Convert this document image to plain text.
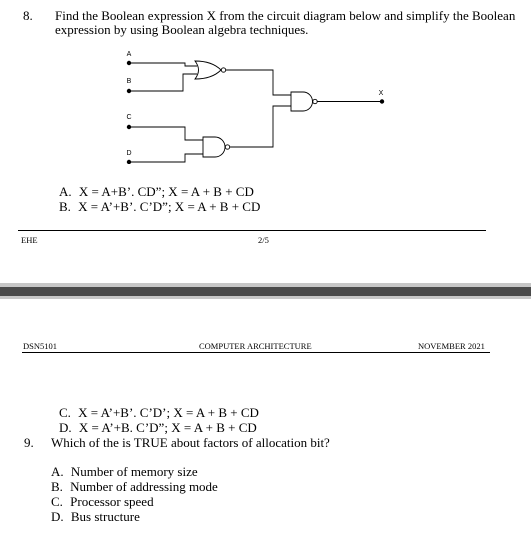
8. Find the Boolean expression X from the circuit diagram below and simplify the Boolean
expression by using Boolean algebra techniques.
A
B
C
D
X
A. X = A+B’. CD”; X = A + B + CD
B. X = A’+B’. C’D”; X = A + B + CD
EHE	2/5
DSN5101	COMPUTER ARCHITECTURE	NOVEMBER 2021
C. X = A’+B’. C’D’; X = A + B + CD
D. X = A’+B. C’D”; X = A + B + CD
9. Which of the is TRUE about factors of allocation bit?
A. Number of memory size
B. Number of addressing mode
C. Processor speed
D. Bus structure
